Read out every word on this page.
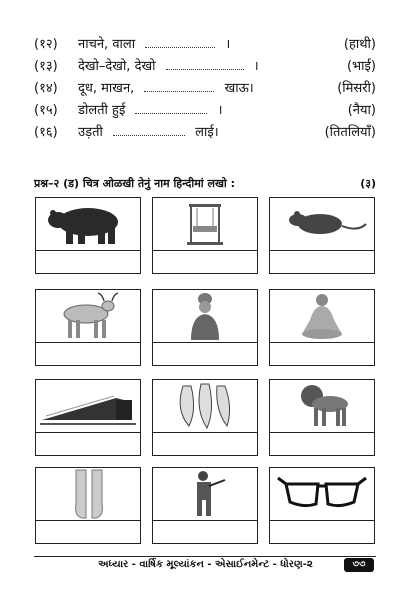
(१२) नाचने, वाला	।	(हाथी)
(१३) देखो–देखो, देखो	।	(भाई)
(१४) दूध, माखन,	खाऊ।	(मिसरी)
(१५) डोलती हुई	।	(नैया)
(१६) उड़ती	लाई।	(तितलियाँ)
प्रश्न–२ (ड) चित्र ओळखी तेनुं नाम हिन्दीमां लखो :	(३)
અધ્યાર - વાર્ષિક મૂલ્યાંકન - એસાઈનમેન્ટ - ધોરણ-૨	৩৩
